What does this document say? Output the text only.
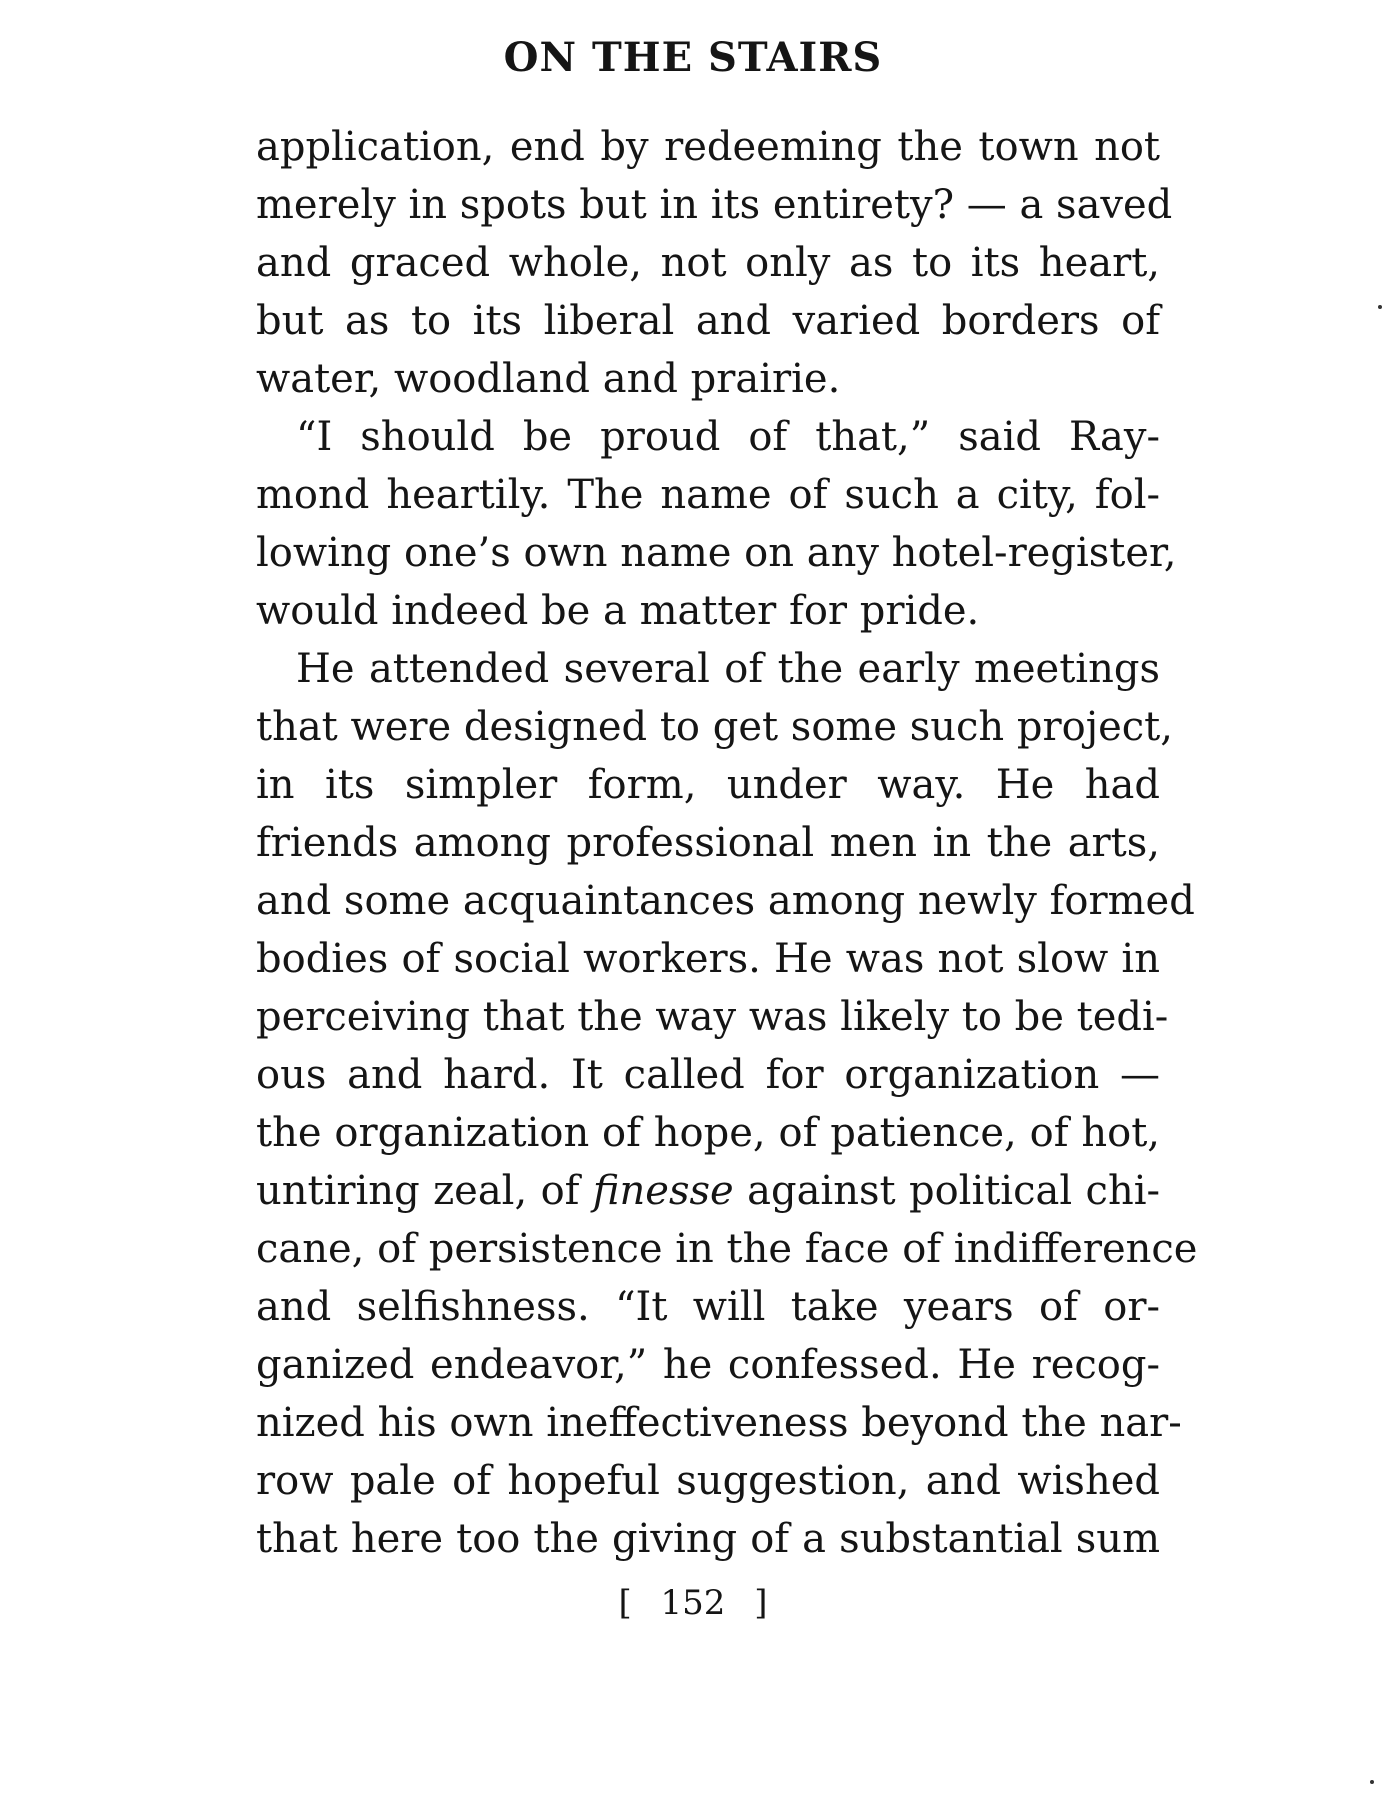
ON THE STAIRS
application, end by redeeming the town not
merely in spots but in its entirety? — a saved
and graced whole, not only as to its heart,
but as to its liberal and varied borders of
water, woodland and prairie.
“I should be proud of that,” said Ray-
mond heartily. The name of such a city, fol-
lowing one’s own name on any hotel-register,
would indeed be a matter for pride.
He attended several of the early meetings
that were designed to get some such project,
in its simpler form, under way. He had
friends among professional men in the arts,
and some acquaintances among newly formed
bodies of social workers. He was not slow in
perceiving that the way was likely to be tedi-
ous and hard. It called for organization —
the organization of hope, of patience, of hot,
untiring zeal, of finesse against political chi-
cane, of persistence in the face of indifference
and selfishness. “It will take years of or-
ganized endeavor,” he confessed. He recog-
nized his own ineffectiveness beyond the nar-
row pale of hopeful suggestion, and wished
that here too the giving of a substantial sum
[ 152 ]
